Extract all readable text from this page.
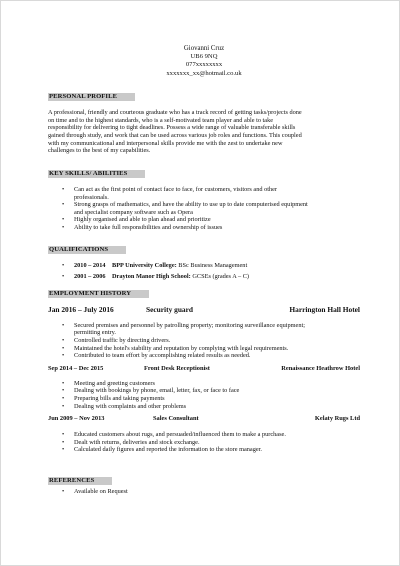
Giovanni Cruz
UB6 9NQ
077xxxxxxxx
xxxxxxx_xx@hotmail.co.uk
PERSONAL PROFILE
A professional, friendly and courteous graduate who has a track record of getting tasks/projects done
on time and to the highest standards, who is a self-motivated team player and able to take
responsibility for delivering to tight deadlines. Possess a wide range of valuable transferable skills
gained through study, and work that can be used across various job roles and functions. This coupled
with my communicational and interpersonal skills provide me with the zest to undertake new
challenges to the best of my capabilities.
KEY SKILLS/ ABILITIES
• Can act as the first point of contact face to face, for customers, visitors and other
professionals.
• Strong grasps of mathematics, and have the ability to use up to date computerised equipment
and specialist company software such as Opera
• Highly organised and able to plan ahead and prioritize
• Ability to take full responsibilities and ownership of issues
QUALIFICATIONS
• 2010 – 2014 BPP University College: BSc Business Management
• 2001 – 2006 Drayton Manor High School: GCSEs (grades A – C)
EMPLOYMENT HISTORY
Jan 2016 – July 2016	Security guard	Harrington Hall Hotel
• Secured premises and personnel by patrolling property; monitoring surveillance equipment;
permitting entry.
• Controlled traffic by directing drivers.
• Maintained the hotel's stability and reputation by complying with legal requirements.
• Contributed to team effort by accomplishing related results as needed.
Sep 2014 – Dec 2015	Front Desk Receptionist	Renaissance Heathrow Hotel
• Meeting and greeting customers
• Dealing with bookings by phone, email, letter, fax, or face to face
• Preparing bills and taking payments
• Dealing with complaints and other problems
Jun 2009 – Nov 2013	Sales Consultant	Kelaty Rugs Ltd
• Educated customers about rugs, and persuaded/influenced them to make a purchase.
• Dealt with returns, deliveries and stock exchange.
• Calculated daily figures and reported the information to the store manager.
REFERENCES
• Available on Request
